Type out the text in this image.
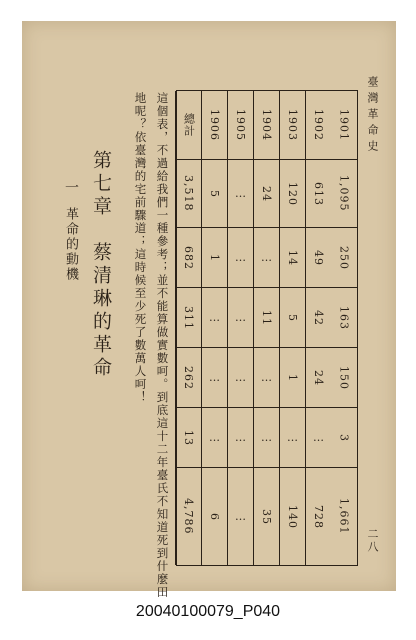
臺灣革命史
二八
1901
1,095
250
163
150
3
1,661
1902
613
49
42
24
…
728
1903
120
14
5
1
…
140
1904
24
…
11
…
…
35
1905
…
…
…
…
…
…
1906
5
1
…
…
…
6
總計
3,518
682
311
262
13
4,786
這個表，不過給我們一種參考；並不能算做實數呵。到底這十二年臺氏不知道死到什麼田
地呢？依臺灣的宅前驟道；這時候至少死了數萬人呵！
第七章　蔡清琳的革命
一
革命的動機
20040100079_P040
